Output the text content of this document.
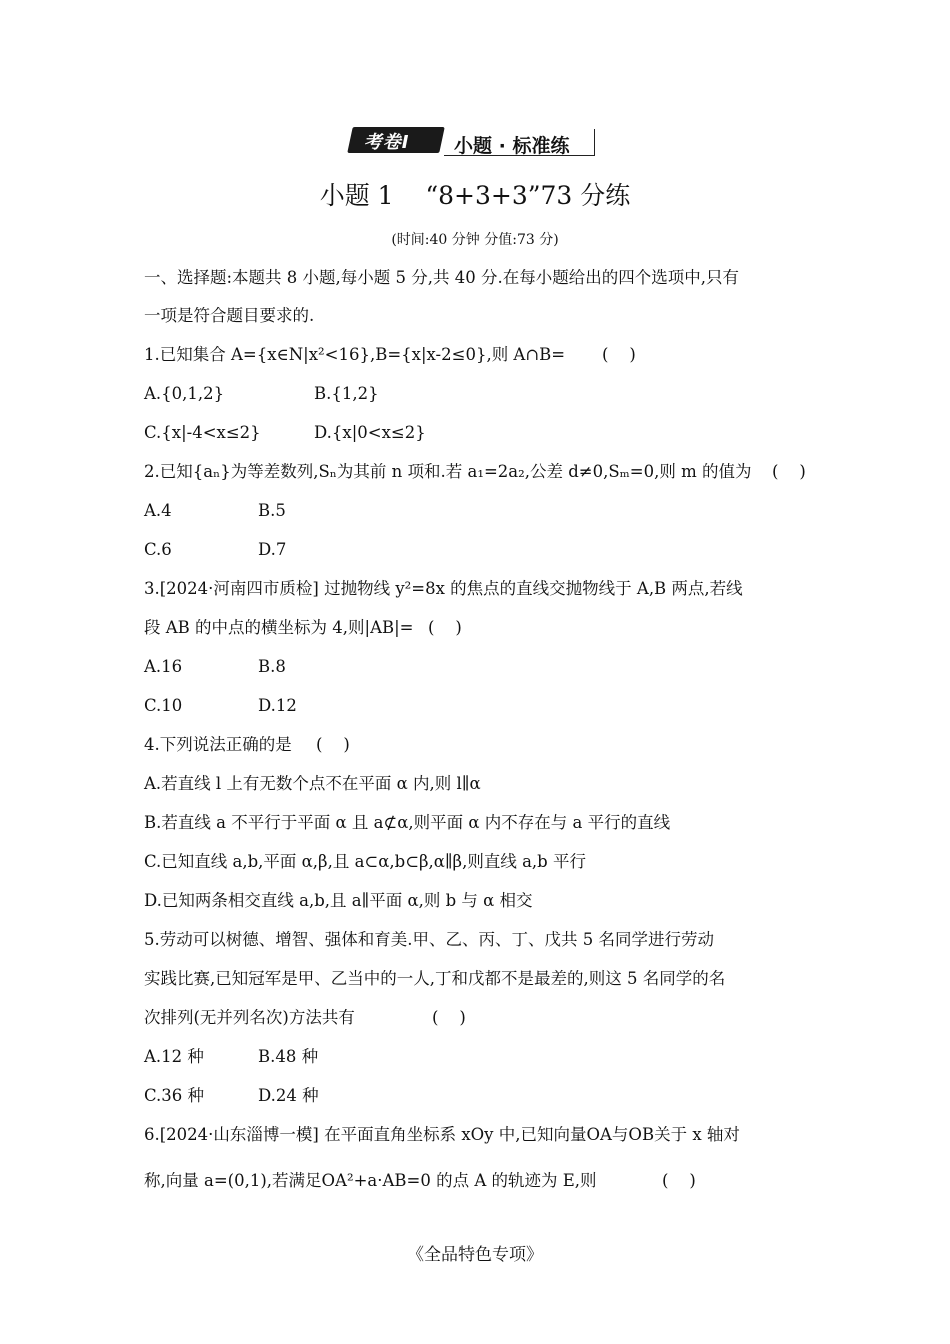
考卷Ⅰ 小题 · 标准练
小题 1    “8+3+3”73 分练
(时间:40 分钟 分值:73 分)
一、选择题:本题共 8 小题,每小题 5 分,共 40 分.在每小题给出的四个选项中,只有
一项是符合题目要求的.
1.已知集合 A={x∈N|x²<16},B={x|x-2≤0},则 A∩B= (    )
A.{0,1,2}	B.{1,2}
C.{x|-4<x≤2}	D.{x|0<x≤2}
2.已知{aₙ}为等差数列,Sₙ为其前 n 项和.若 a₁=2a₂,公差 d≠0,Sₘ=0,则 m 的值为 (    )
A.4	B.5
C.6	D.7
3.[2024·河南四市质检] 过抛物线 y²=8x 的焦点的直线交抛物线于 A,B 两点,若线
段 AB 的中点的横坐标为 4,则|AB|= (    )
A.16	B.8
C.10	D.12
4.下列说法正确的是 (    )
A.若直线 l 上有无数个点不在平面 α 内,则 l∥α
B.若直线 a 不平行于平面 α 且 a⊄α,则平面 α 内不存在与 a 平行的直线
C.已知直线 a,b,平面 α,β,且 a⊂α,b⊂β,α∥β,则直线 a,b 平行
D.已知两条相交直线 a,b,且 a∥平面 α,则 b 与 α 相交
5.劳动可以树德、增智、强体和育美.甲、乙、丙、丁、戊共 5 名同学进行劳动
实践比赛,已知冠军是甲、乙当中的一人,丁和戊都不是最差的,则这 5 名同学的名
次排列(无并列名次)方法共有	(    )
A.12 种	B.48 种
C.36 种	D.24 种
6.[2024·山东淄博一模] 在平面直角坐标系 xOy 中,已知向量OA与OB关于 x 轴对
称,向量 a=(0,1),若满足OA²+a·AB=0 的点 A 的轨迹为 E,则	(    )
《全品特色专项》
